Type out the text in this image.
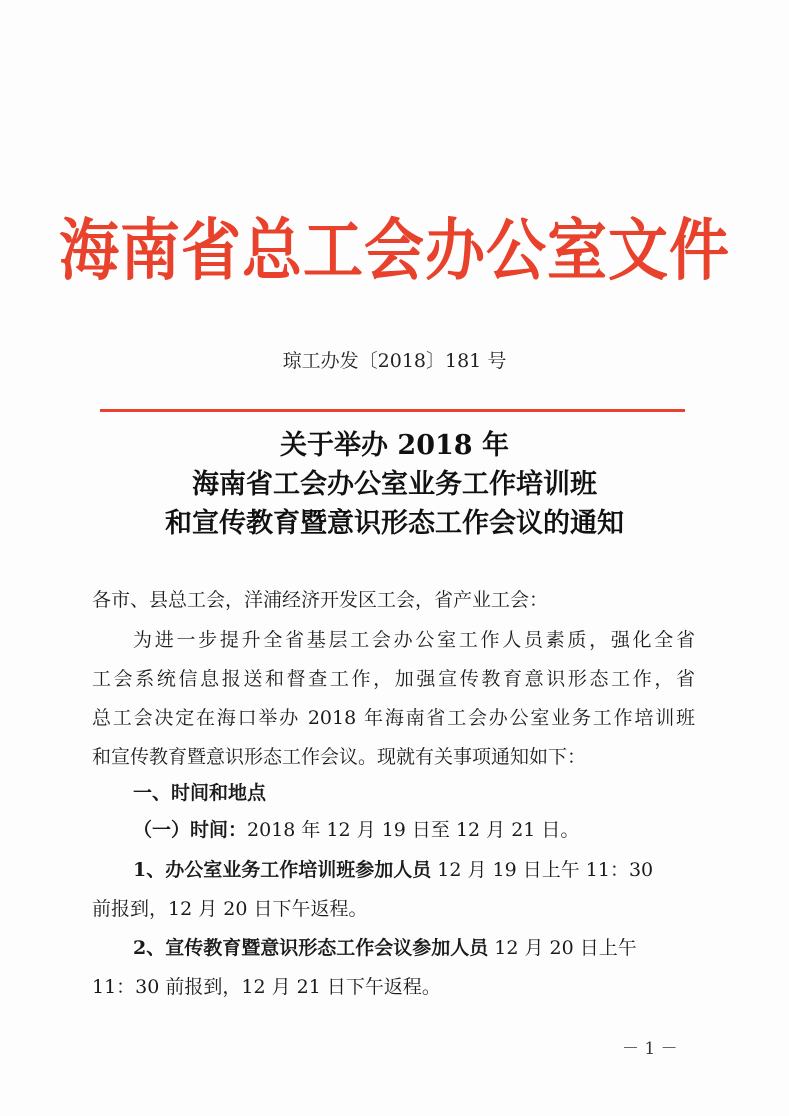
海南省总工会办公室文件
琼工办发〔2018〕181 号
关于举办 2018 年
海南省工会办公室业务工作培训班
和宣传教育暨意识形态工作会议的通知
各市、县总工会，洋浦经济开发区工会，省产业工会：
为进一步提升全省基层工会办公室工作人员素质，强化全省
工会系统信息报送和督查工作，加强宣传教育意识形态工作，省
总工会决定在海口举办 2018 年海南省工会办公室业务工作培训班
和宣传教育暨意识形态工作会议。现就有关事项通知如下：
一、时间和地点
（一）时间：2018 年 12 月 19 日至 12 月 21 日。
1、办公室业务工作培训班参加人员 12 月 19 日上午 11：30
前报到，12 月 20 日下午返程。
2、宣传教育暨意识形态工作会议参加人员 12 月 20 日上午
11：30 前报到，12 月 21 日下午返程。
－ 1 －
